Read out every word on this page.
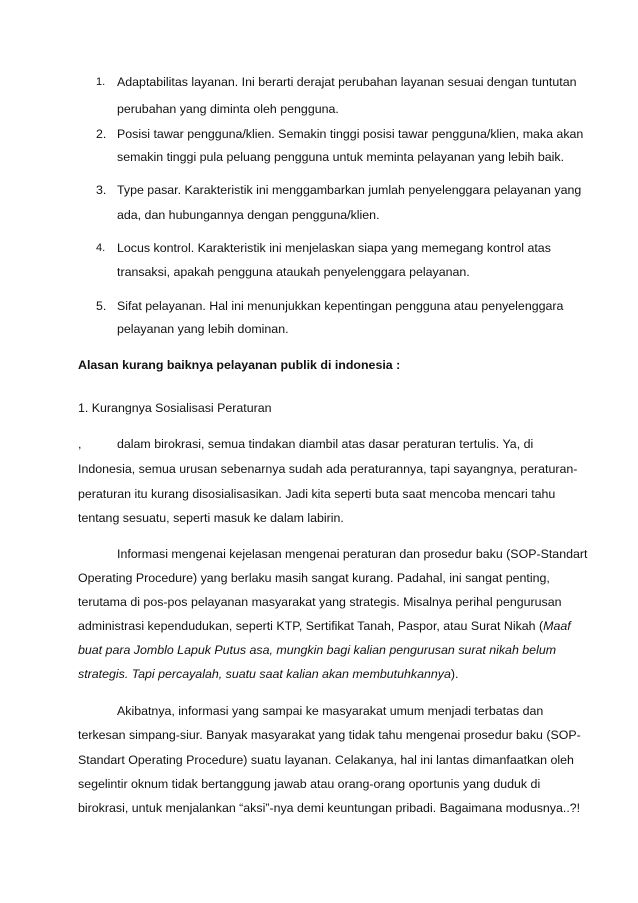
1. Adaptabilitas layanan. Ini berarti derajat perubahan layanan sesuai dengan tuntutan
perubahan yang diminta oleh pengguna.
2. Posisi tawar pengguna/klien. Semakin tinggi posisi tawar pengguna/klien, maka akan
semakin tinggi pula peluang pengguna untuk meminta pelayanan yang lebih baik.
3. Type pasar. Karakteristik ini menggambarkan jumlah penyelenggara pelayanan yang
ada, dan hubungannya dengan pengguna/klien.
4. Locus kontrol. Karakteristik ini menjelaskan siapa yang memegang kontrol atas
transaksi, apakah pengguna ataukah penyelenggara pelayanan.
5. Sifat pelayanan. Hal ini menunjukkan kepentingan pengguna atau penyelenggara
pelayanan yang lebih dominan.
Alasan kurang baiknya pelayanan publik di indonesia :
1. Kurangnya Sosialisasi Peraturan
,	dalam birokrasi, semua tindakan diambil atas dasar peraturan tertulis. Ya, di
Indonesia, semua urusan sebenarnya sudah ada peraturannya, tapi sayangnya, peraturan-
peraturan itu kurang disosialisasikan. Jadi kita seperti buta saat mencoba mencari tahu
tentang sesuatu, seperti masuk ke dalam labirin.
Informasi mengenai kejelasan mengenai peraturan dan prosedur baku (SOP-Standart
Operating Procedure) yang berlaku masih sangat kurang. Padahal, ini sangat penting,
terutama di pos-pos pelayanan masyarakat yang strategis. Misalnya perihal pengurusan
administrasi kependudukan, seperti KTP, Sertifikat Tanah, Paspor, atau Surat Nikah (Maaf
buat para Jomblo Lapuk Putus asa, mungkin bagi kalian pengurusan surat nikah belum
strategis. Tapi percayalah, suatu saat kalian akan membutuhkannya).
Akibatnya, informasi yang sampai ke masyarakat umum menjadi terbatas dan
terkesan simpang-siur. Banyak masyarakat yang tidak tahu mengenai prosedur baku (SOP-
Standart Operating Procedure) suatu layanan. Celakanya, hal ini lantas dimanfaatkan oleh
segelintir oknum tidak bertanggung jawab atau orang-orang oportunis yang duduk di
birokrasi, untuk menjalankan “aksi”-nya demi keuntungan pribadi. Bagaimana modusnya..?!
